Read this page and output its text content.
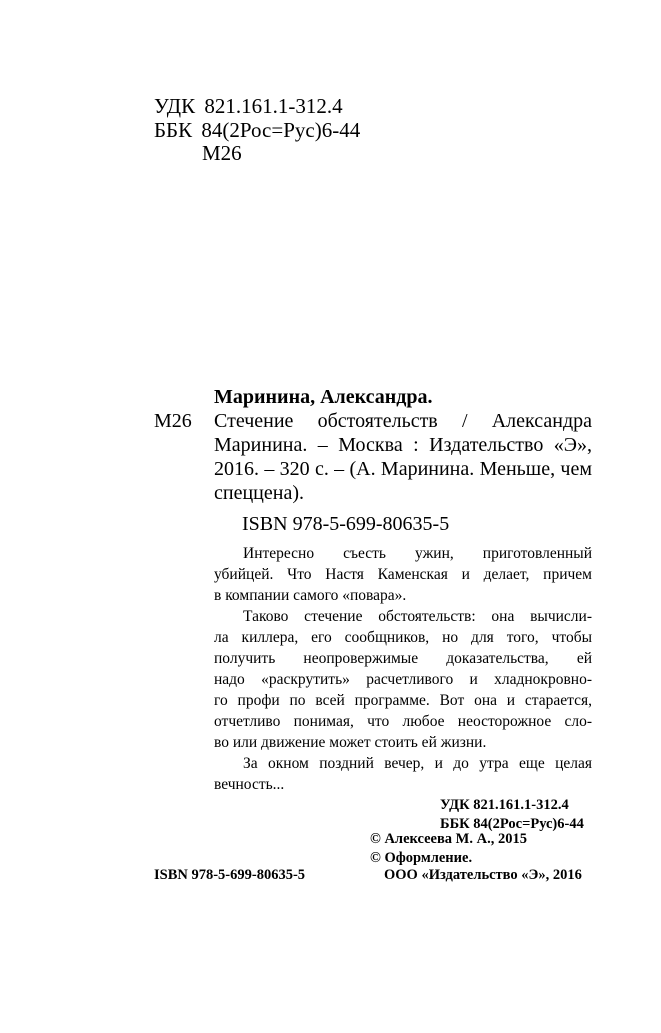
УДК 821.161.1-312.4
ББК 84(2Рос=Рус)6-44
М26
Маринина, Александра.
М26 Стечение обстоятельств / Александра
Маринина. – Москва : Издательство «Э»,
2016. – 320 с. – (А. Маринина. Меньше, чем
спеццена).
ISBN 978-5-699-80635-5
Интересно съесть ужин, приготовленный
убийцей. Что Настя Каменская и делает, причем
в компании самого «повара».
Таково стечение обстоятельств: она вычисли-
ла киллера, его сообщников, но для того, чтобы
получить неопровержимые доказательства, ей
надо «раскрутить» расчетливого и хладнокровно-
го профи по всей программе. Вот она и старается,
отчетливо понимая, что любое неосторожное сло-
во или движение может стоить ей жизни.
За окном поздний вечер, и до утра еще целая
вечность...
УДК 821.161.1-312.4
ББК 84(2Рос=Рус)6-44
© Алексеева М. А., 2015
© Оформление.
ISBN 978-5-699-80635-5	ООО «Издательство «Э», 2016
